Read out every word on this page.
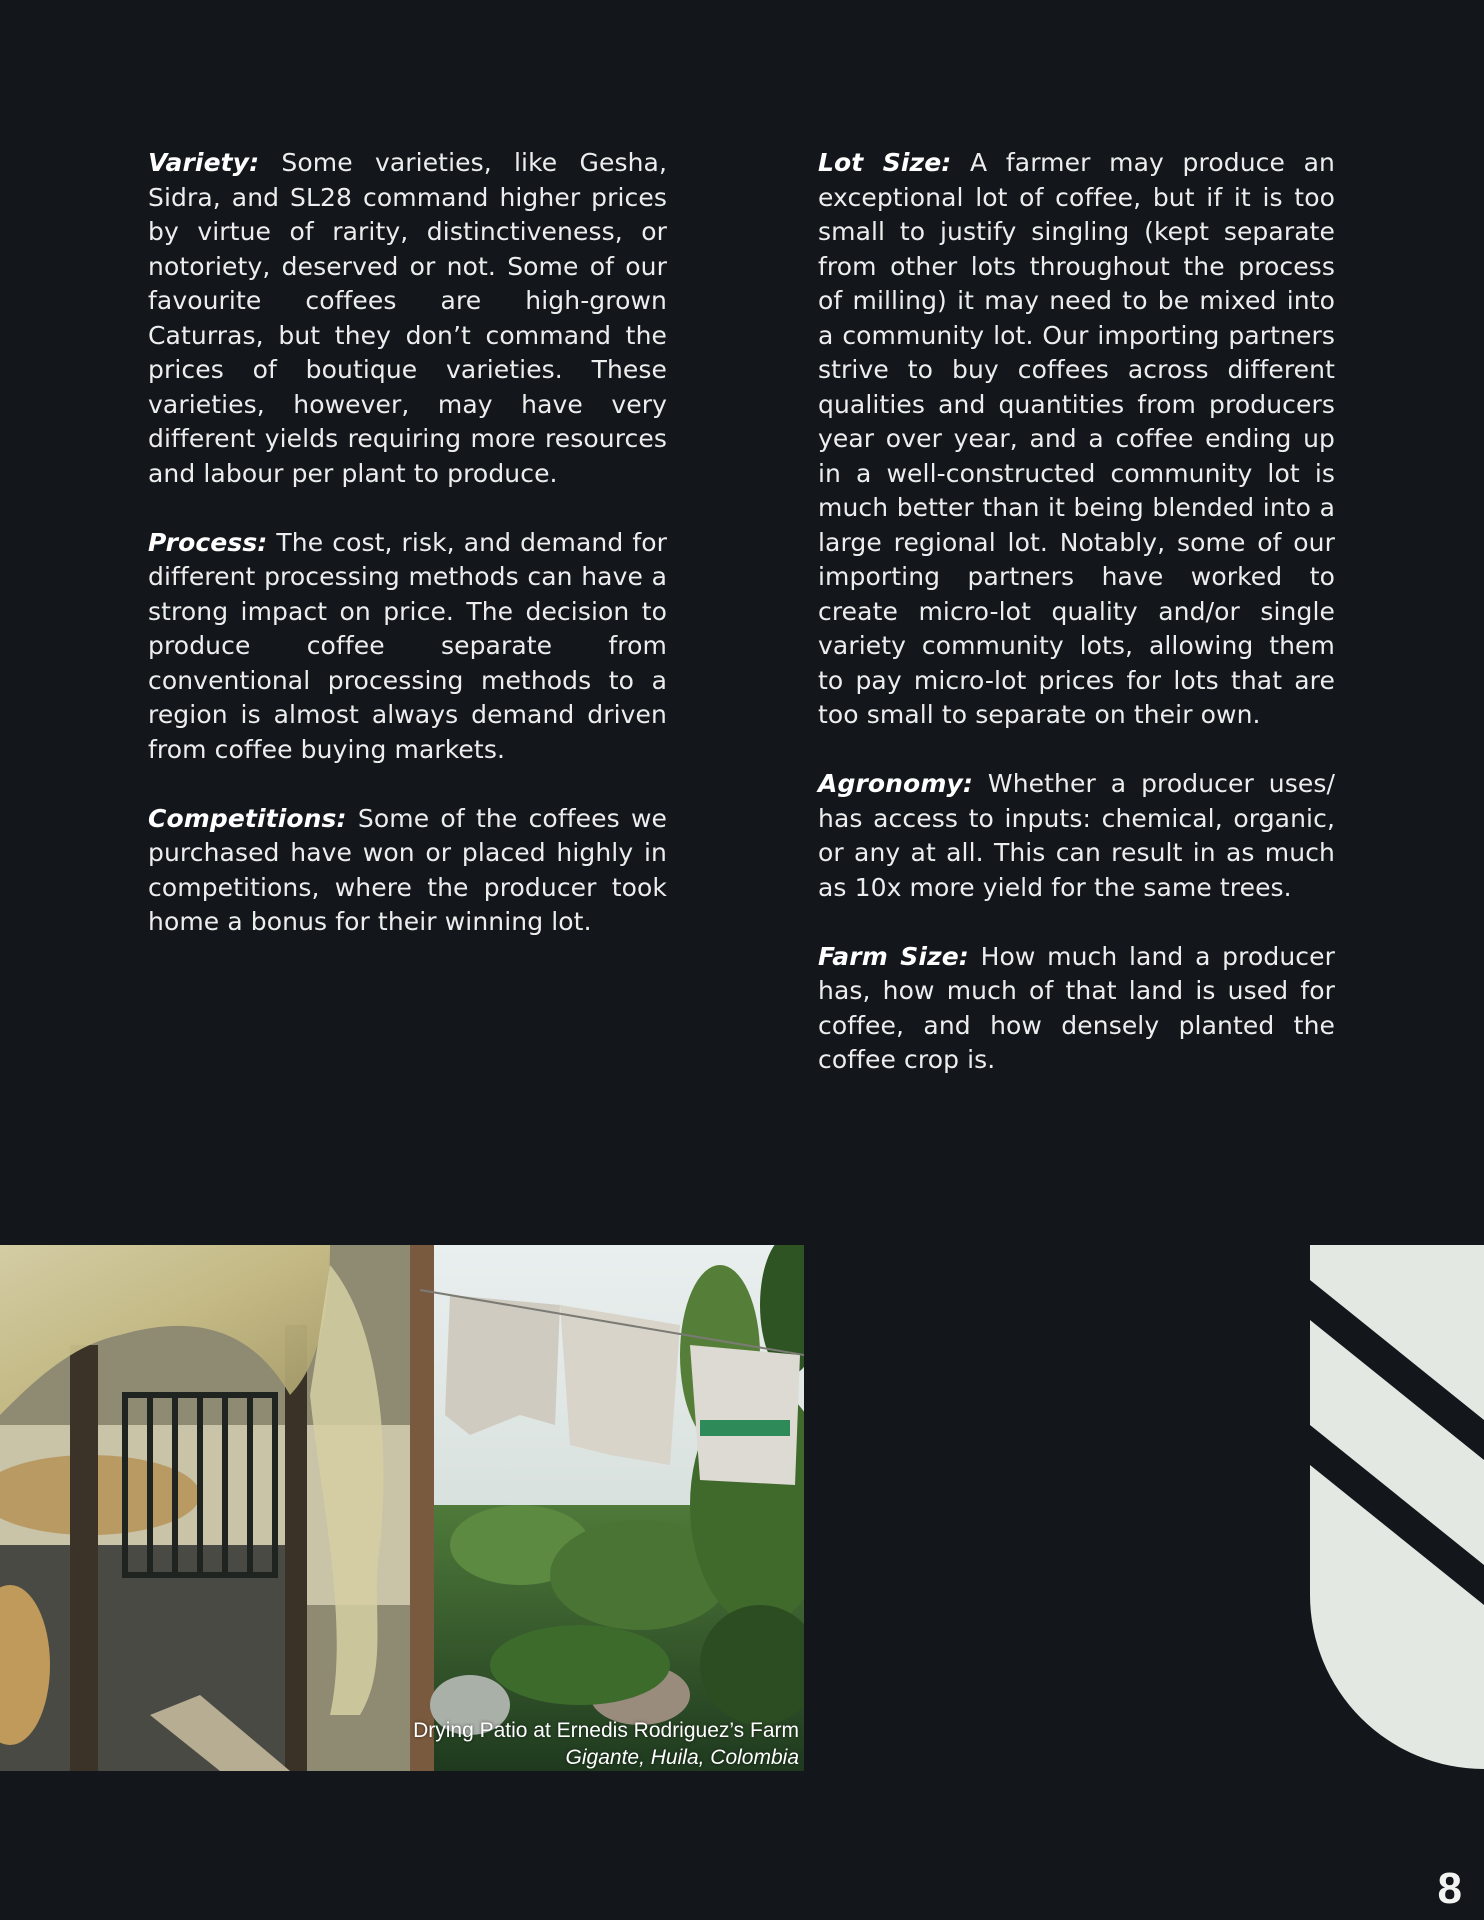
Variety: Some varieties, like Gesha, Sidra, and SL28 command higher prices by virtue of rarity, distinctiveness, or notoriety, deserved or not. Some of our favourite coffees are high-grown Caturras, but they don’t command the prices of boutique varieties. These varieties, however, may have very different yields requiring more resources and labour per plant to produce.

Process: The cost, risk, and demand for different processing methods can have a strong impact on price. The decision to produce coffee separate from conventional processing methods to a region is almost always demand driven from coffee buying markets.

Competitions: Some of the coffees we purchased have won or placed highly in competitions, where the producer took home a bonus for their winning lot.

Lot Size: A farmer may produce an exceptional lot of coffee, but if it is too small to justify singling (kept separate from other lots throughout the process of milling) it may need to be mixed into a community lot. Our importing partners strive to buy coffees across different qualities and quantities from producers year over year, and a coffee ending up in a well-constructed community lot is much better than it being blended into a large regional lot. Notably, some of our importing partners have worked to create micro-lot quality and/or single variety community lots, allowing them to pay micro-lot prices for lots that are too small to separate on their own.

Agronomy: Whether a producer uses/ has access to inputs: chemical, organic, or any at all. This can result in as much as 10x more yield for the same trees.

Farm Size: How much land a producer has, how much of that land is used for coffee, and how densely planted the coffee crop is.

Drying Patio at Ernedis Rodriguez’s Farm
Gigante, Huila, Colombia
8
